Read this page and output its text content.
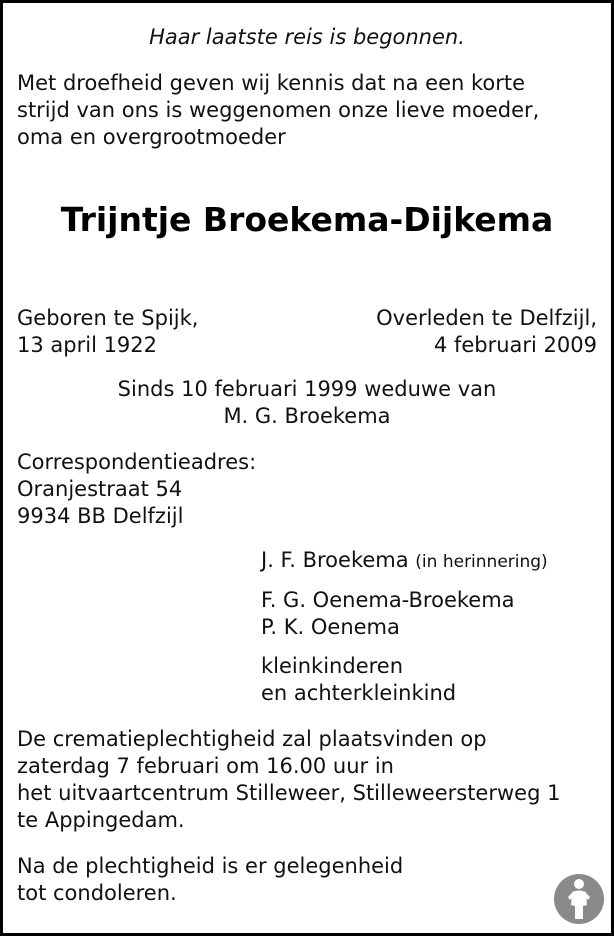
Haar laatste reis is begonnen.

Met droefheid geven wij kennis dat na een korte
strijd van ons is weggenomen onze lieve moeder,
oma en overgrootmoeder
Trijntje Broekema-Dijkema
Geboren te Spijk,
13 april 1922
Overleden te Delfzijl,
4 februari 2009
Sinds 10 februari 1999 weduwe van
M. G. Broekema
Correspondentieadres:
Oranjestraat 54
9934 BB Delfzijl
J. F. Broekema (in herinnering)
F. G. Oenema-Broekema
P. K. Oenema
kleinkinderen
en achterkleinkind
De crematieplechtigheid zal plaatsvinden op
zaterdag 7 februari om 16.00 uur in
het uitvaartcentrum Stilleweer, Stilleweersterweg 1
te Appingedam.
Na de plechtigheid is er gelegenheid
tot condoleren.
